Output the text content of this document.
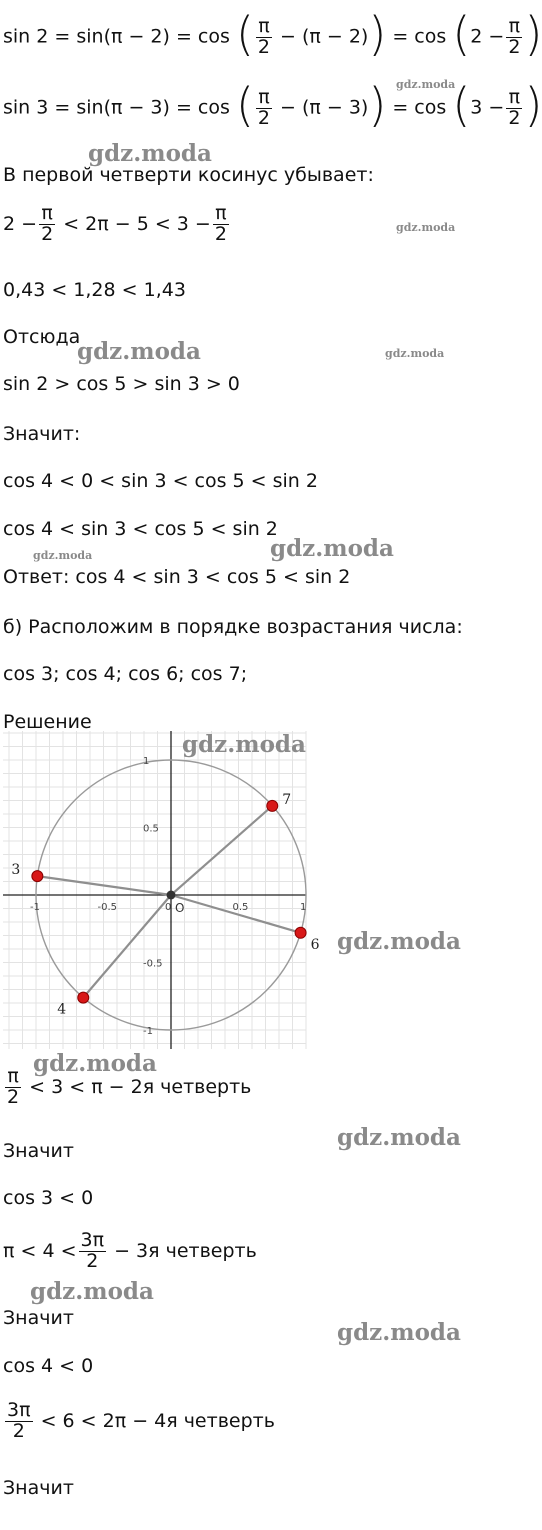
sin 2 = sin(π − 2) = cos ( $\frac{\pi}{2} - (\pi - 2)) = \cos (2 - \frac{\pi}{2}$ )
sin 3 = sin(π − 3) = cos ( $\frac{\pi}{2} - (\pi - 3)) = \cos (3 - \frac{\pi}{2}$ )
В первой четверти косинус убывает:
$2 - \frac{\pi}{2} < 2\pi - 5 < 3 - \frac{\pi}{2}$
0,43 < 1,28 < 1,43
Отсюда
sin 2 > cos 5 > sin 3 > 0
Значит:
cos 4 < 0 < sin 3 < cos 5 < sin 2
cos 4 < sin 3 < cos 5 < sin 2
Ответ: cos 4 < sin 3 < cos 5 < sin 2
б) Расположим в порядке возрастания числа:
cos 3; cos 4; cos 6; cos 7;
Решение
-1	-0.5	0	0.5	1
1
0.5
-0.5
-1
O
3
4
6
7
$\frac{\pi}{2} < 3 < \pi - 2я$ четверть
Значит
cos 3 < 0
$\pi < 4 < \frac{3\pi}{2} - 3я$ четверть
Значит
cos 4 < 0
$\frac{3\pi}{2} < 6 < 2\pi - 4я$ четверть
Значит
gdz.moda
gdz.moda
gdz.moda
gdz.moda	gdz.moda
gdz.moda
gdz.moda
gdz.moda
gdz.moda
gdz.moda
gdz.moda
gdz.moda
gdz.moda
